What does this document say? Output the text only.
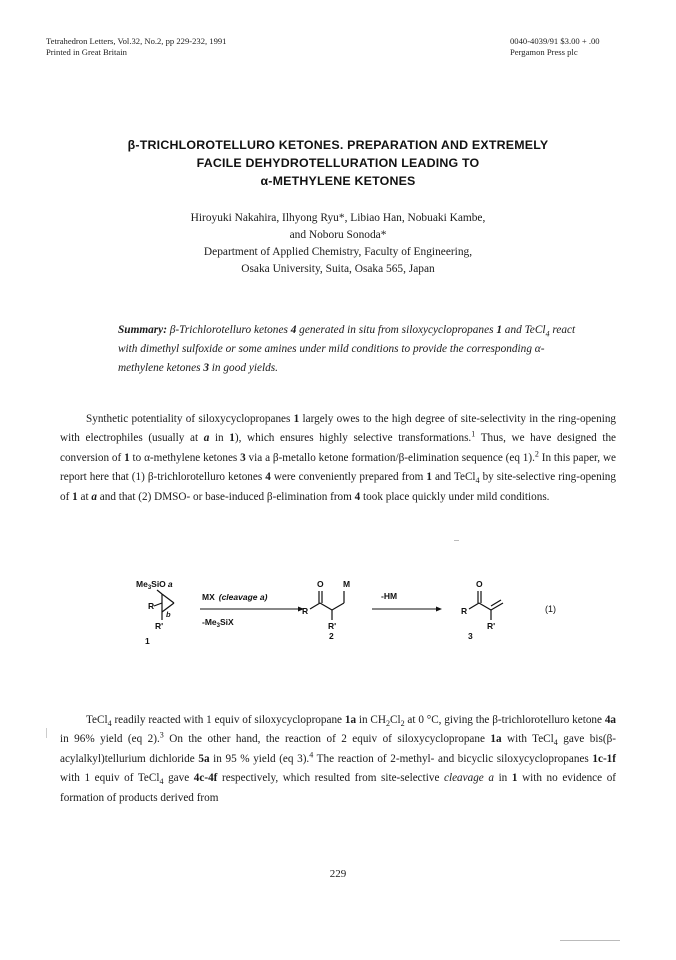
Tetrahedron Letters, Vol.32, No.2, pp 229-232, 1991
Printed in Great Britain
0040-4039/91 $3.00 + .00
Pergamon Press plc
β-TRICHLOROTELLURO KETONES. PREPARATION AND EXTREMELY
FACILE DEHYDROTELLURATION LEADING TO
α-METHYLENE KETONES
Hiroyuki Nakahira, Ilhyong Ryu*, Libiao Han, Nobuaki Kambe,
and Noboru Sonoda*
Department of Applied Chemistry, Faculty of Engineering,
Osaka University, Suita, Osaka 565, Japan
Summary: β-Trichlorotelluro ketones 4 generated in situ from siloxycyclopropanes 1 and TeCl$_4$ react with dimethyl sulfoxide or some amines under mild conditions to provide the corresponding α-methylene ketones 3 in good yields.
Synthetic potentiality of siloxycyclopropanes 1 largely owes to the high degree of site-selectivity in the ring-opening with electrophiles (usually at a in 1), which ensures highly selective transformations.$^1$ Thus, we have designed the conversion of 1 to α-methylene ketones 3 via a β-metallo ketone formation/β-elimination sequence (eq 1).$^2$ In this paper, we report here that (1) β-trichlorotelluro ketones 4 were conveniently prepared from 1 and TeCl$_4$ by site-selective ring-opening of 1 at a and that (2) DMSO- or base-induced β-elimination from 4 took place quickly under mild conditions.
$Me_3SiO$ a
R
b
R'
1
MX (cleavage a)
$-Me_3SiX$
O M
R
R'
2
-HM
O
R
R'
3
(1)
TeCl$_4$ readily reacted with 1 equiv of siloxycyclopropane 1a in $CH_2Cl_2$ at 0 °C, giving the β-trichlorotelluro ketone 4a in 96% yield (eq 2).$^3$ On the other hand, the reaction of 2 equiv of siloxycyclopropane 1a with TeCl$_4$ gave bis(β-acylalkyl)tellurium dichloride 5a in 95 % yield (eq 3).$^4$ The reaction of 2-methyl- and bicyclic siloxycyclopropanes 1c-1f with 1 equiv of TeCl$_4$ gave 4c-4f respectively, which resulted from site-selective cleavage a in 1 with no evidence of formation of products derived from
229
